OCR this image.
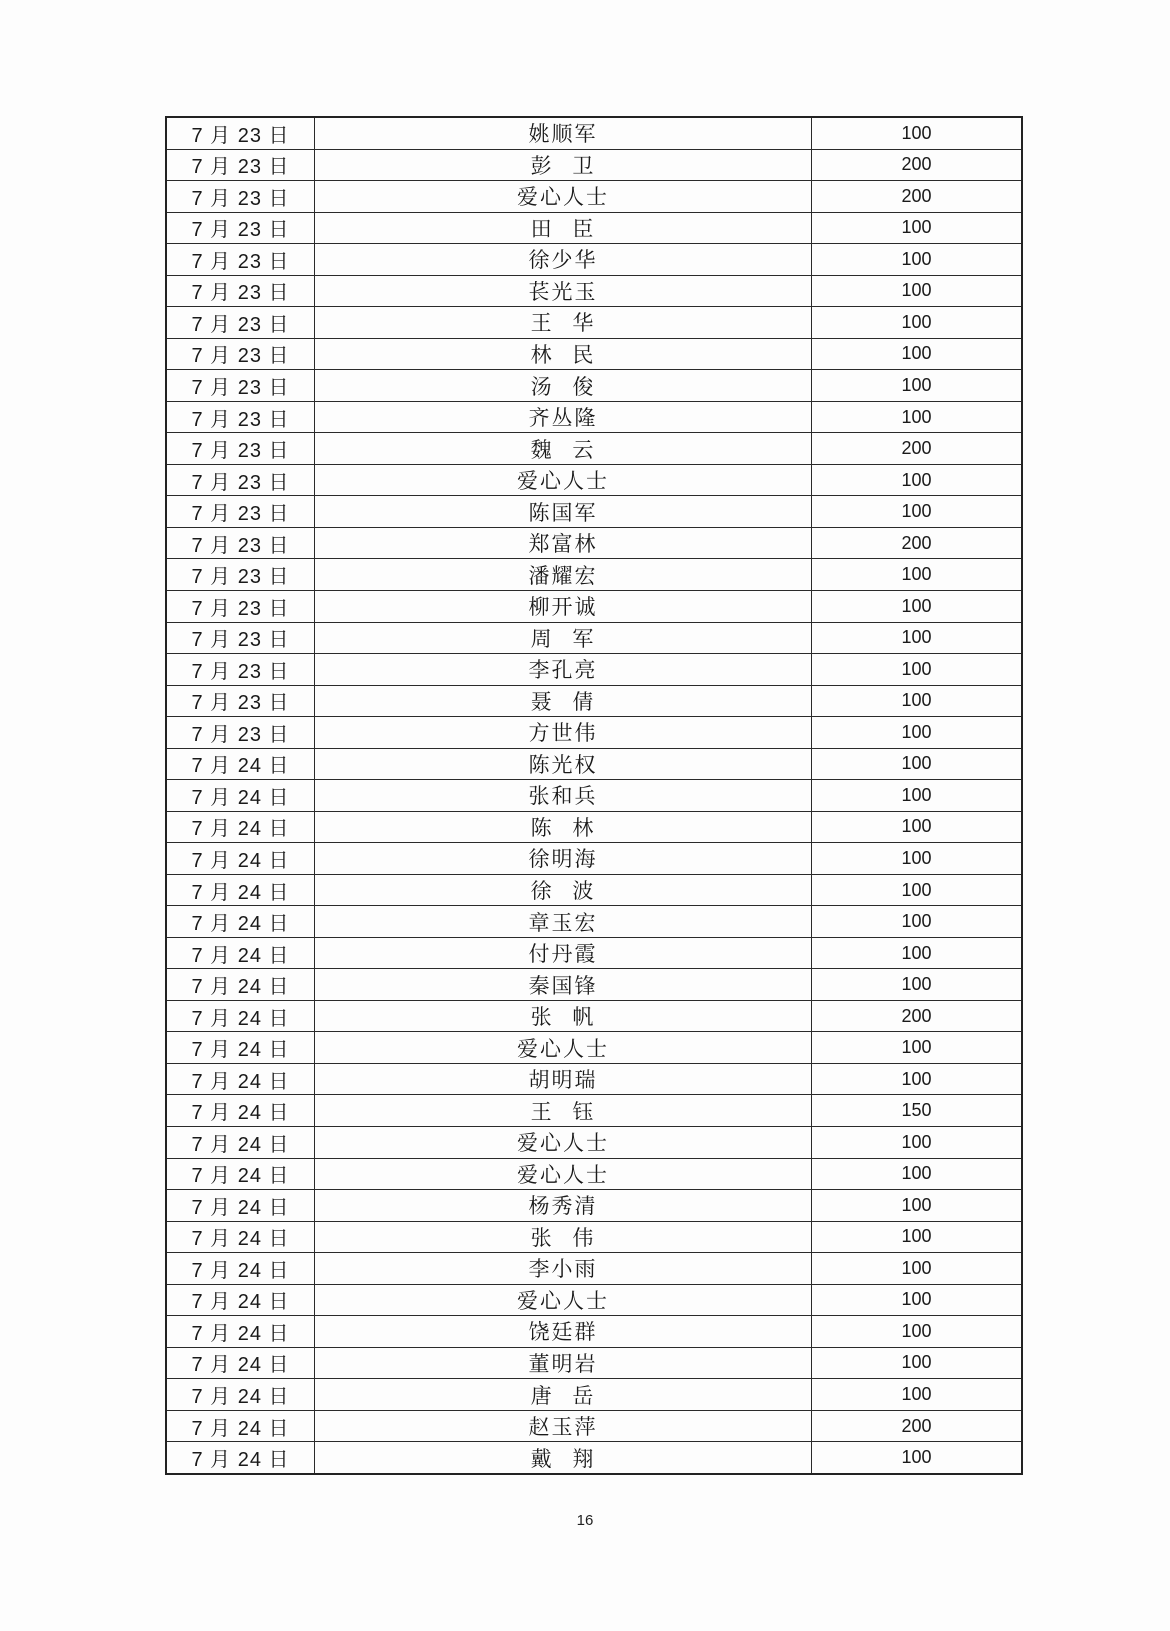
7 月 23 日	姚顺军	100
7 月 23 日	彭 卫	200
7 月 23 日	爱心人士	200
7 月 23 日	田 臣	100
7 月 23 日	徐少华	100
7 月 23 日	苌光玉	100
7 月 23 日	王 华	100
7 月 23 日	林 民	100
7 月 23 日	汤 俊	100
7 月 23 日	齐丛隆	100
7 月 23 日	魏 云	200
7 月 23 日	爱心人士	100
7 月 23 日	陈国军	100
7 月 23 日	郑富林	200
7 月 23 日	潘耀宏	100
7 月 23 日	柳开诚	100
7 月 23 日	周 军	100
7 月 23 日	李孔亮	100
7 月 23 日	聂 倩	100
7 月 23 日	方世伟	100
7 月 24 日	陈光权	100
7 月 24 日	张和兵	100
7 月 24 日	陈 林	100
7 月 24 日	徐明海	100
7 月 24 日	徐 波	100
7 月 24 日	章玉宏	100
7 月 24 日	付丹霞	100
7 月 24 日	秦国锋	100
7 月 24 日	张 帆	200
7 月 24 日	爱心人士	100
7 月 24 日	胡明瑞	100
7 月 24 日	王 钰	150
7 月 24 日	爱心人士	100
7 月 24 日	爱心人士	100
7 月 24 日	杨秀清	100
7 月 24 日	张 伟	100
7 月 24 日	李小雨	100
7 月 24 日	爱心人士	100
7 月 24 日	饶廷群	100
7 月 24 日	董明岩	100
7 月 24 日	唐 岳	100
7 月 24 日	赵玉萍	200
7 月 24 日	戴 翔	100
16
